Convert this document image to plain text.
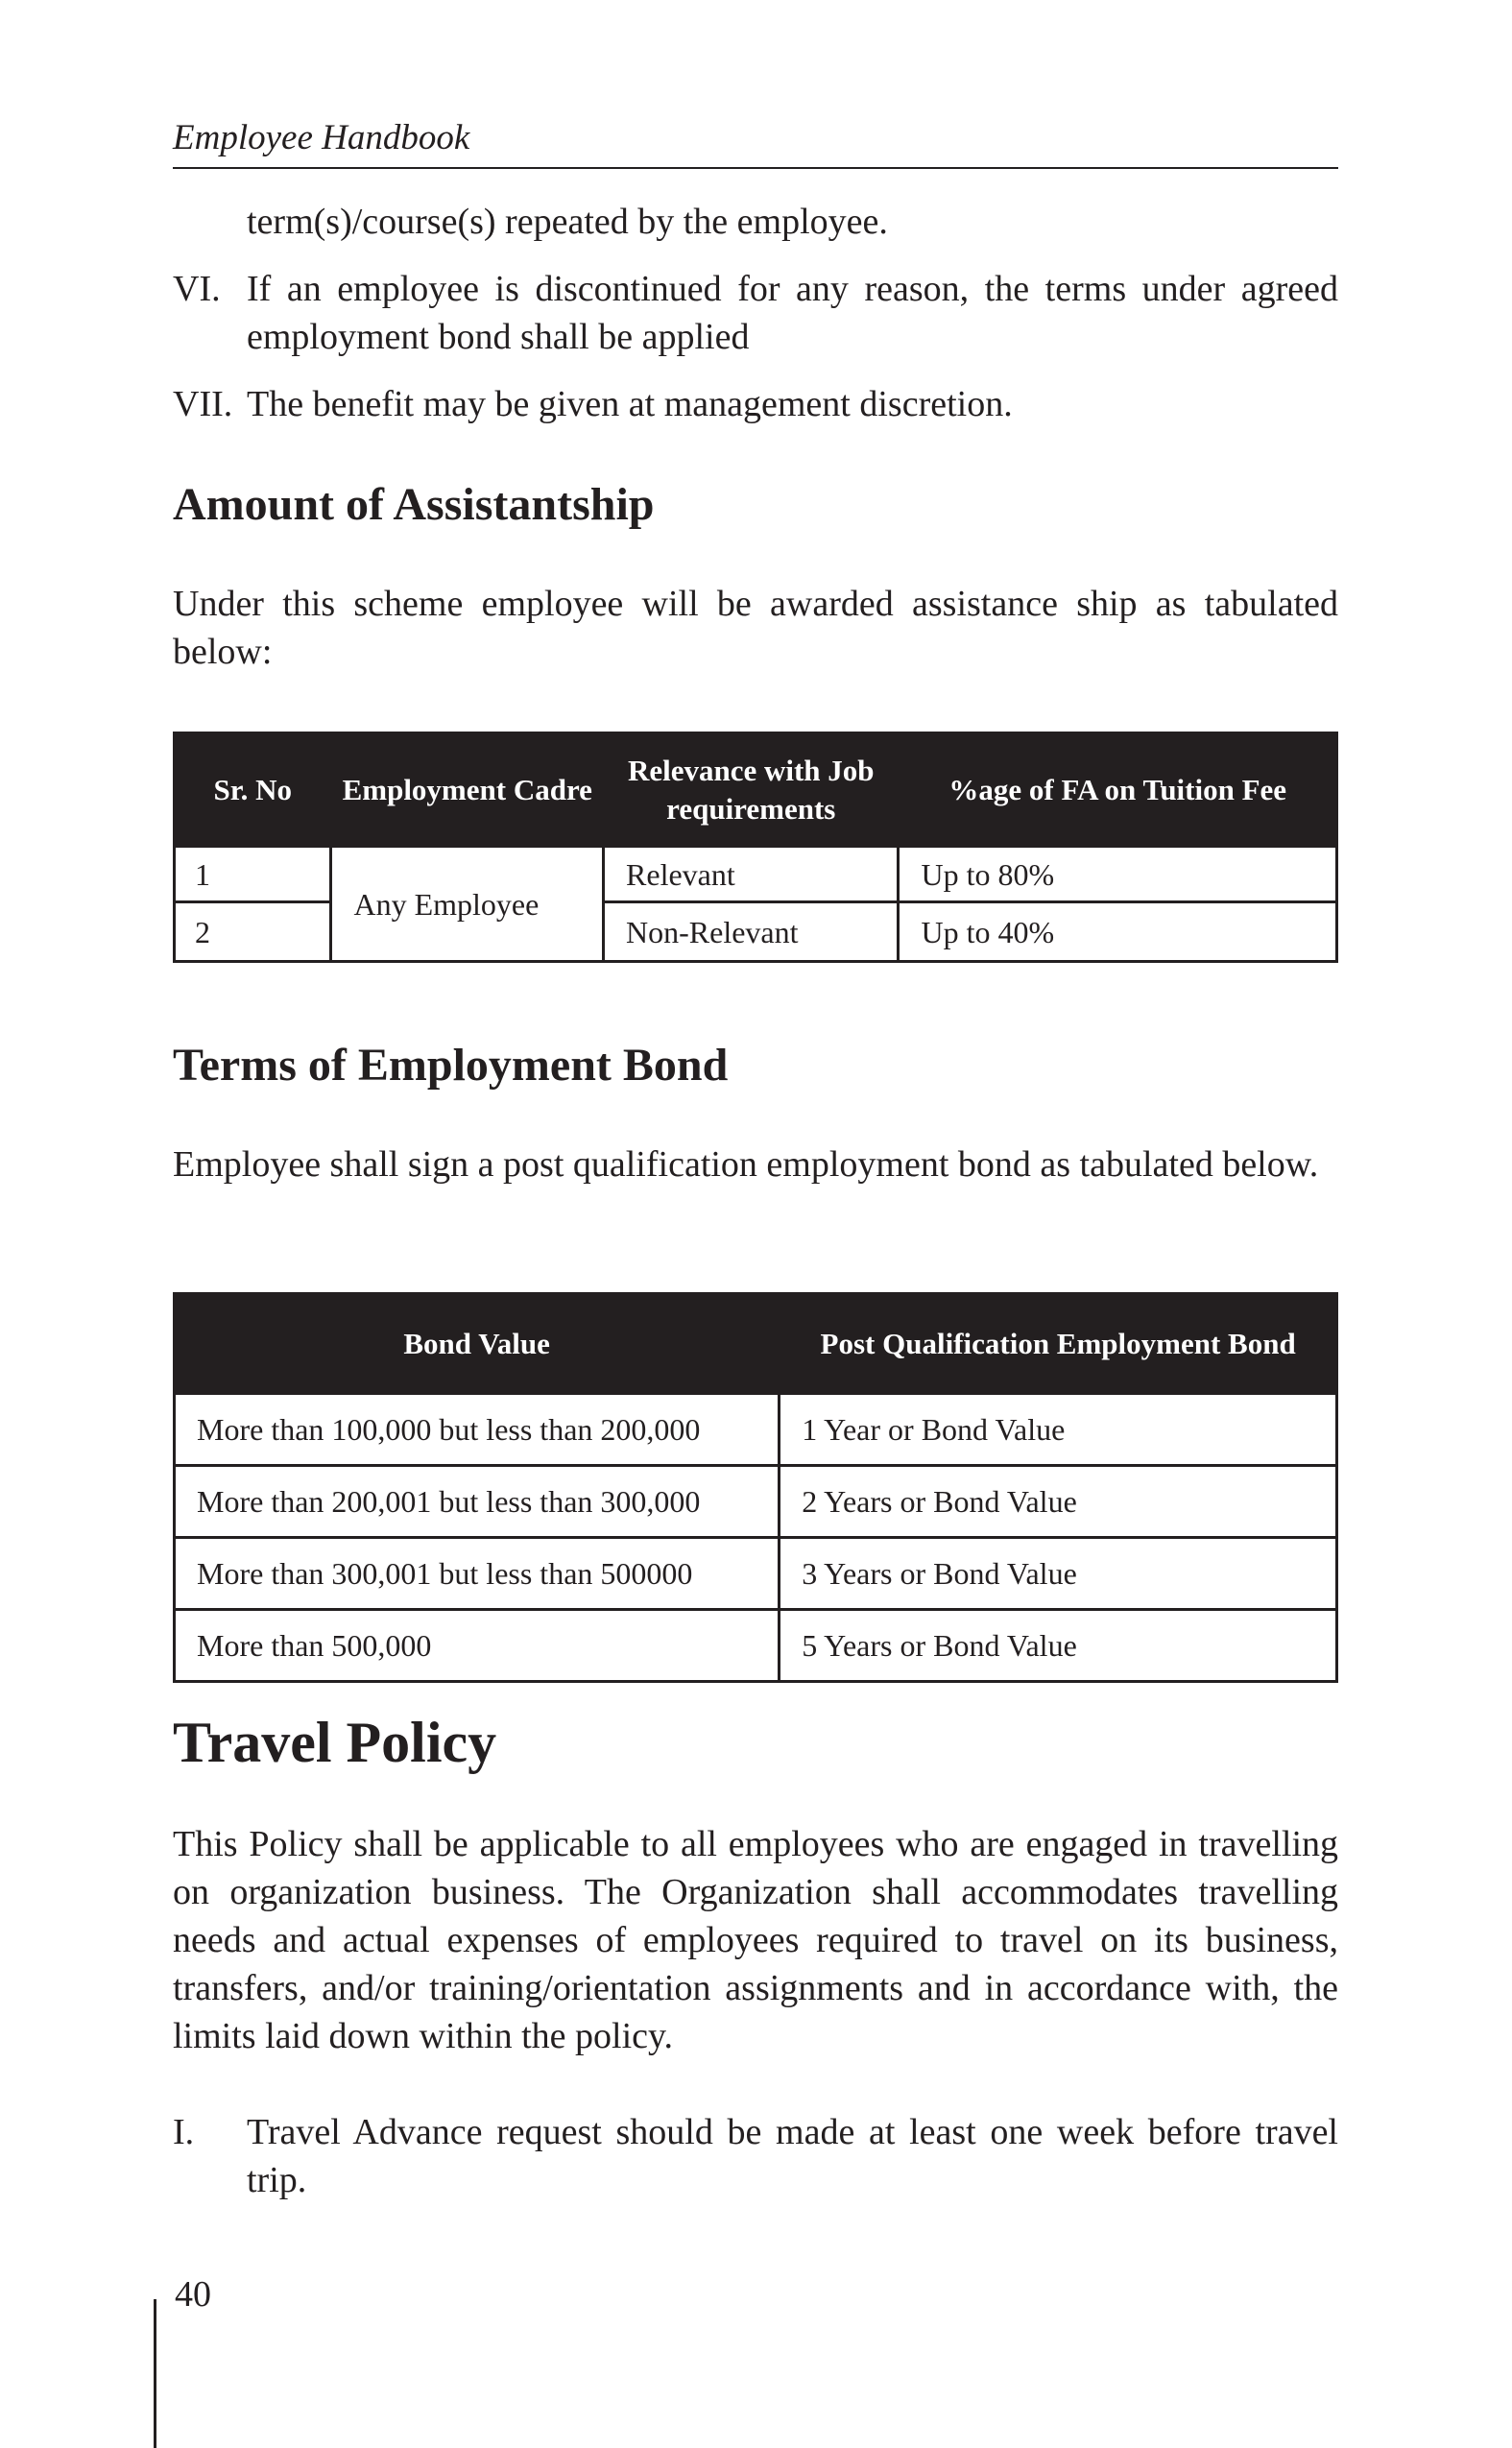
Employee Handbook
term(s)/course(s) repeated by the employee.
VI. If an employee is discontinued for any reason, the terms under agreed employment bond shall be applied
VII. The benefit may be given at management discretion.
Amount of Assistantship
Under this scheme employee will be awarded assistance ship as tabulated below:
Sr. No	Employment Cadre	Relevance with Job requirements	%age of FA on Tuition Fee
1	Any Employee	Relevant	Up to 80%
2		Non-Relevant	Up to 40%
Terms of Employment Bond
Employee shall sign a post qualification employment bond as tabulated below.
Bond Value	Post Qualification Employment Bond
More than 100,000 but less than 200,000	1 Year or Bond Value
More than 200,001 but less than 300,000	2 Years or Bond Value
More than 300,001 but less than 500000	3 Years or Bond Value
More than 500,000	5 Years or Bond Value
Travel Policy
This Policy shall be applicable to all employees who are engaged in travelling on organization business. The Organization shall accommodates travelling needs and actual expenses of employees required to travel on its business, transfers, and/or training/orientation assignments and in accordance with, the limits laid down within the policy.
I. Travel Advance request should be made at least one week before travel trip.
40
